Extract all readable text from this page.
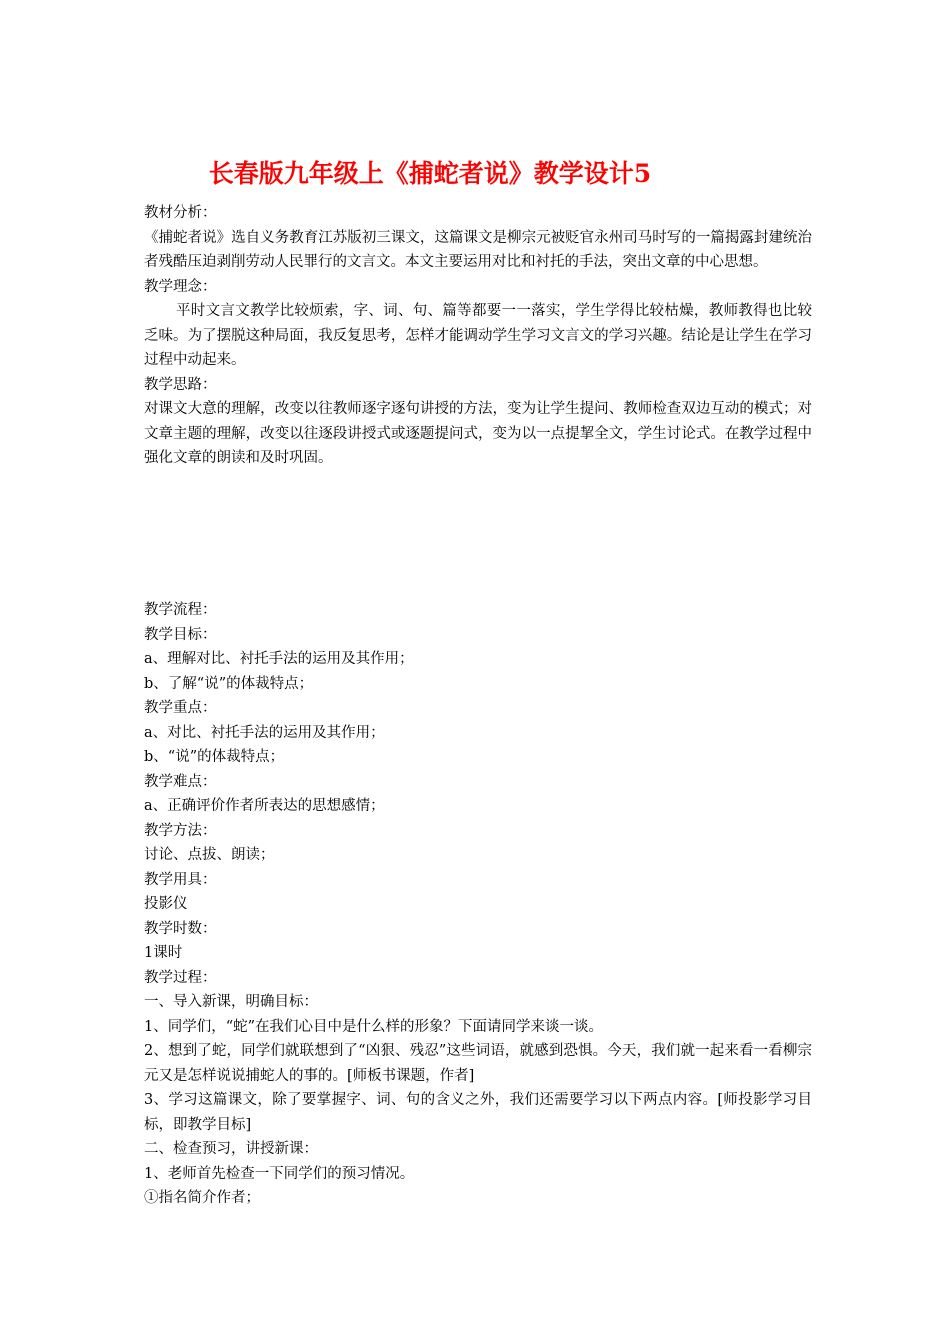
长春版九年级上《捕蛇者说》教学设计5
教材分析：
《捕蛇者说》选自义务教育江苏版初三课文，这篇课文是柳宗元被贬官永州司马时写的一篇揭露封建统治者残酷压迫剥削劳动人民罪行的文言文。本文主要运用对比和衬托的手法，突出文章的中心思想。
教学理念：
平时文言文教学比较烦索，字、词、句、篇等都要一一落实，学生学得比较枯燥，教师教得也比较乏味。为了摆脱这种局面，我反复思考，怎样才能调动学生学习文言文的学习兴趣。结论是让学生在学习过程中动起来。
教学思路：
对课文大意的理解，改变以往教师逐字逐句讲授的方法，变为让学生提问、教师检查双边互动的模式；对文章主题的理解，改变以往逐段讲授式或逐题提问式，变为以一点提挈全文，学生讨论式。在教学过程中强化文章的朗读和及时巩固。
教学流程：
教学目标：
a、理解对比、衬托手法的运用及其作用；
b、了解“说”的体裁特点；
教学重点：
a、对比、衬托手法的运用及其作用；
b、“说”的体裁特点；
教学难点：
a、正确评价作者所表达的思想感情；
教学方法：
讨论、点拔、朗读；
教学用具：
投影仪
教学时数：
1课时
教学过程：
一、导入新课，明确目标：
1、同学们，“蛇”在我们心目中是什么样的形象？下面请同学来谈一谈。
2、想到了蛇，同学们就联想到了“凶狠、残忍”这些词语，就感到恐惧。今天，我们就一起来看一看柳宗元又是怎样说说捕蛇人的事的。[师板书课题，作者]
3、学习这篇课文，除了要掌握字、词、句的含义之外，我们还需要学习以下两点内容。[师投影学习目标，即教学目标]
二、检查预习，讲授新课：
1、老师首先检查一下同学们的预习情况。
①指名简介作者；
